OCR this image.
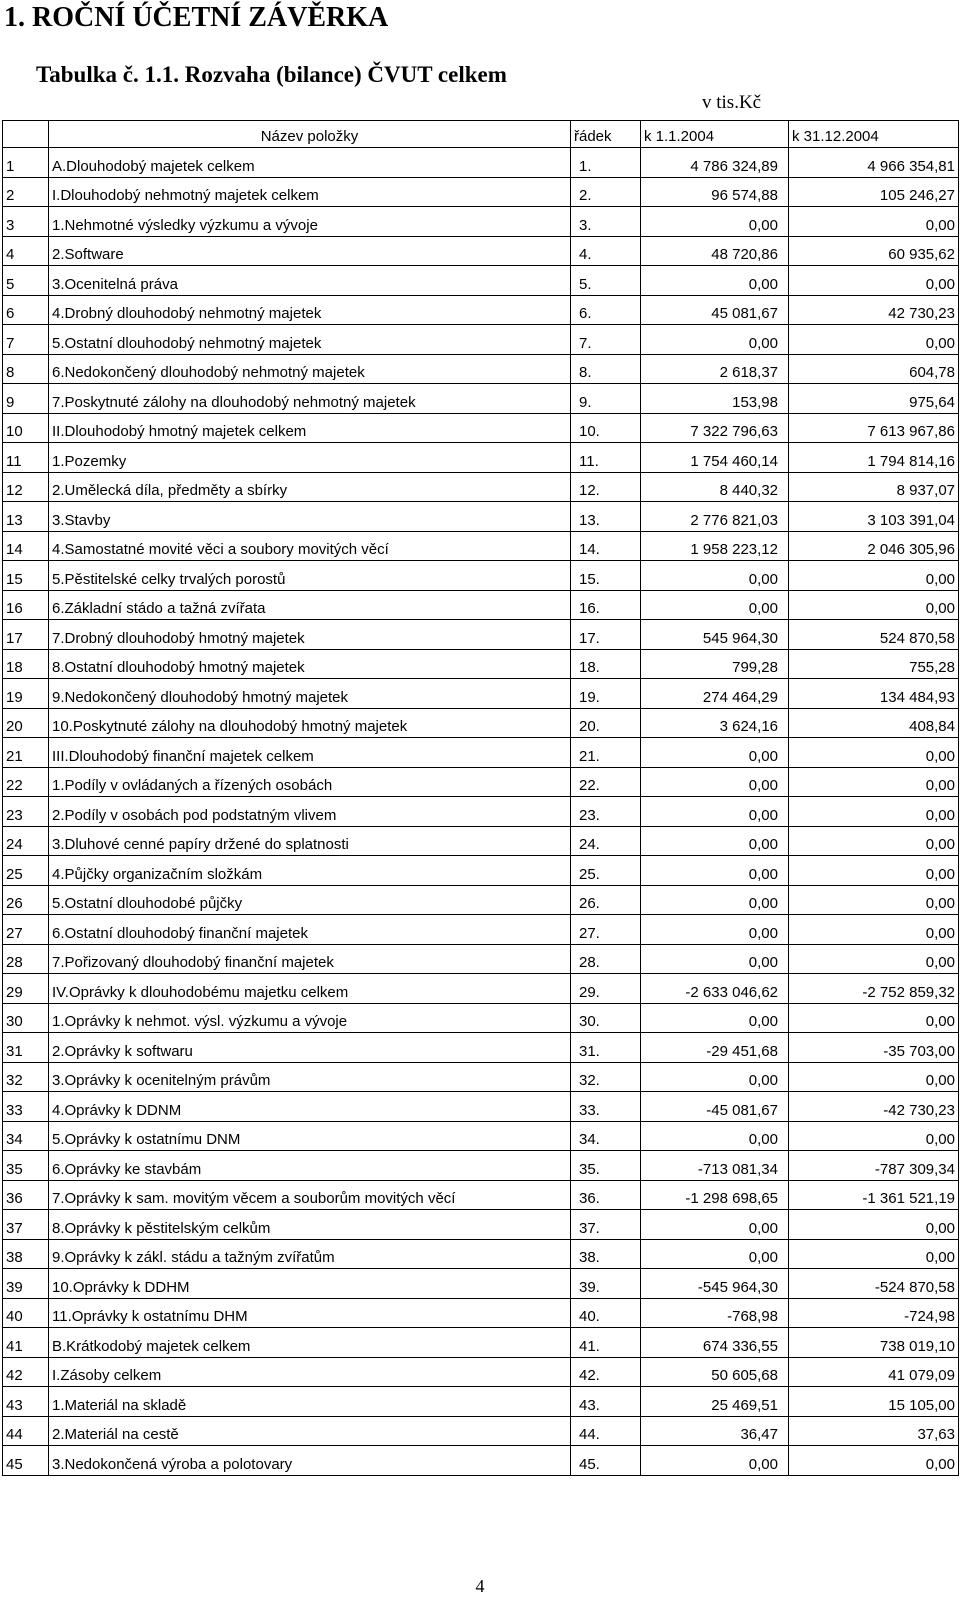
1. ROČNÍ ÚČETNÍ ZÁVĚRKA
Tabulka č. 1.1. Rozvaha (bilance) ČVUT celkem
v tis.Kč
	Název položky	řádek	k 1.1.2004	k 31.12.2004
1	A.Dlouhodobý majetek celkem	1.	4 786 324,89	4 966 354,81
2	I.Dlouhodobý nehmotný majetek celkem	2.	96 574,88	105 246,27
3	1.Nehmotné výsledky výzkumu a vývoje	3.	0,00	0,00
4	2.Software	4.	48 720,86	60 935,62
5	3.Ocenitelná práva	5.	0,00	0,00
6	4.Drobný dlouhodobý nehmotný majetek	6.	45 081,67	42 730,23
7	5.Ostatní dlouhodobý nehmotný majetek	7.	0,00	0,00
8	6.Nedokončený dlouhodobý nehmotný majetek	8.	2 618,37	604,78
9	7.Poskytnuté zálohy na dlouhodobý nehmotný majetek	9.	153,98	975,64
10	II.Dlouhodobý hmotný majetek celkem	10.	7 322 796,63	7 613 967,86
11	1.Pozemky	11.	1 754 460,14	1 794 814,16
12	2.Umělecká díla, předměty a sbírky	12.	8 440,32	8 937,07
13	3.Stavby	13.	2 776 821,03	3 103 391,04
14	4.Samostatné movité věci a soubory movitých věcí	14.	1 958 223,12	2 046 305,96
15	5.Pěstitelské celky trvalých porostů	15.	0,00	0,00
16	6.Základní stádo a tažná zvířata	16.	0,00	0,00
17	7.Drobný dlouhodobý hmotný majetek	17.	545 964,30	524 870,58
18	8.Ostatní dlouhodobý hmotný majetek	18.	799,28	755,28
19	9.Nedokončený dlouhodobý hmotný majetek	19.	274 464,29	134 484,93
20	10.Poskytnuté zálohy na dlouhodobý hmotný majetek	20.	3 624,16	408,84
21	III.Dlouhodobý finanční majetek celkem	21.	0,00	0,00
22	1.Podíly v ovládaných a řízených osobách	22.	0,00	0,00
23	2.Podíly v osobách pod podstatným vlivem	23.	0,00	0,00
24	3.Dluhové cenné papíry držené do splatnosti	24.	0,00	0,00
25	4.Půjčky organizačním složkám	25.	0,00	0,00
26	5.Ostatní dlouhodobé půjčky	26.	0,00	0,00
27	6.Ostatní dlouhodobý finanční majetek	27.	0,00	0,00
28	7.Pořizovaný dlouhodobý finanční majetek	28.	0,00	0,00
29	IV.Oprávky k dlouhodobému majetku celkem	29.	-2 633 046,62	-2 752 859,32
30	1.Oprávky k nehmot. výsl. výzkumu a vývoje	30.	0,00	0,00
31	2.Oprávky k softwaru	31.	-29 451,68	-35 703,00
32	3.Oprávky k ocenitelným právům	32.	0,00	0,00
33	4.Oprávky k DDNM	33.	-45 081,67	-42 730,23
34	5.Oprávky k ostatnímu DNM	34.	0,00	0,00
35	6.Oprávky ke stavbám	35.	-713 081,34	-787 309,34
36	7.Oprávky k sam. movitým věcem a souborům movitých věcí	36.	-1 298 698,65	-1 361 521,19
37	8.Oprávky k pěstitelským celkům	37.	0,00	0,00
38	9.Oprávky k zákl. stádu a tažným zvířatům	38.	0,00	0,00
39	10.Oprávky k DDHM	39.	-545 964,30	-524 870,58
40	11.Oprávky k ostatnímu DHM	40.	-768,98	-724,98
41	B.Krátkodobý majetek celkem	41.	674 336,55	738 019,10
42	I.Zásoby celkem	42.	50 605,68	41 079,09
43	1.Materiál na skladě	43.	25 469,51	15 105,00
44	2.Materiál na cestě	44.	36,47	37,63
45	3.Nedokončená výroba a polotovary	45.	0,00	0,00
4
